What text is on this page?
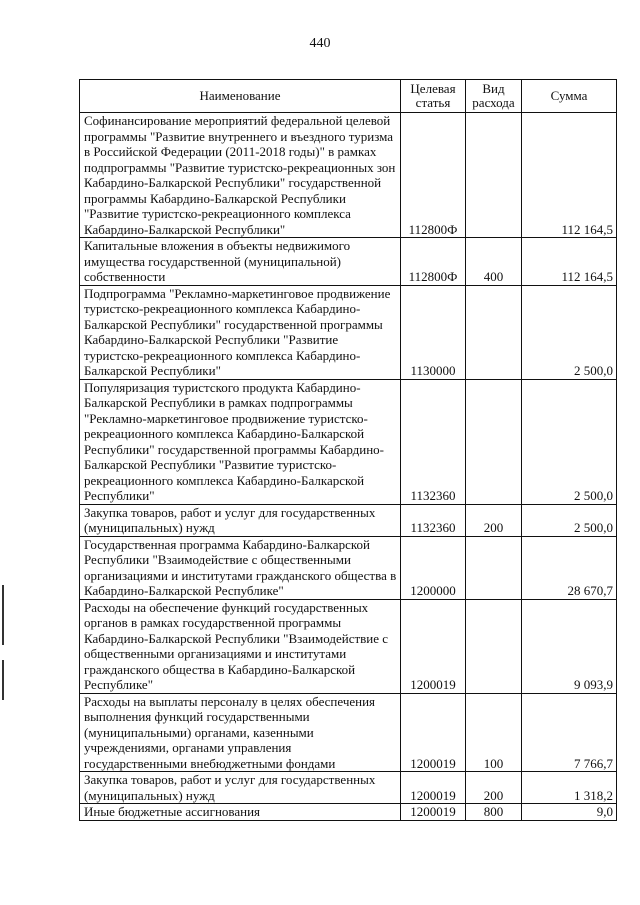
440
Наименование	Целевая статья	Вид расхода	Сумма
Софинансирование мероприятий федеральной целевой программы "Развитие внутреннего и въездного туризма в Российской Федерации (2011-2018 годы)" в рамках подпрограммы "Развитие туристско-рекреационных зон Кабардино-Балкарской Республики" государственной программы Кабардино-Балкарской Республики "Развитие туристско-рекреационного комплекса Кабардино-Балкарской Республики"	112800Ф		112 164,5
Капитальные вложения в объекты недвижимого имущества государственной (муниципальной) собственности	112800Ф	400	112 164,5
Подпрограмма "Рекламно-маркетинговое продвижение туристско-рекреационного комплекса Кабардино-Балкарской Республики" государственной программы Кабардино-Балкарской Республики "Развитие туристско-рекреационного комплекса Кабардино-Балкарской Республики"	1130000		2 500,0
Популяризация туристского продукта Кабардино-Балкарской Республики в рамках подпрограммы "Рекламно-маркетинговое продвижение туристско-рекреационного комплекса Кабардино-Балкарской Республики" государственной программы Кабардино-Балкарской Республики "Развитие туристско-рекреационного комплекса Кабардино-Балкарской Республики"	1132360		2 500,0
Закупка товаров, работ и услуг для государственных (муниципальных) нужд	1132360	200	2 500,0
Государственная программа Кабардино-Балкарской Республики "Взаимодействие с общественными организациями и институтами гражданского общества в Кабардино-Балкарской Республике"	1200000		28 670,7
Расходы на обеспечение функций государственных органов в рамках государственной программы Кабардино-Балкарской Республики "Взаимодействие с общественными организациями и институтами гражданского общества в Кабардино-Балкарской Республике"	1200019		9 093,9
Расходы на выплаты персоналу в целях обеспечения выполнения функций государственными (муниципальными) органами, казенными учреждениями, органами управления государственными внебюджетными фондами	1200019	100	7 766,7
Закупка товаров, работ и услуг для государственных (муниципальных) нужд	1200019	200	1 318,2
Иные бюджетные ассигнования	1200019	800	9,0
